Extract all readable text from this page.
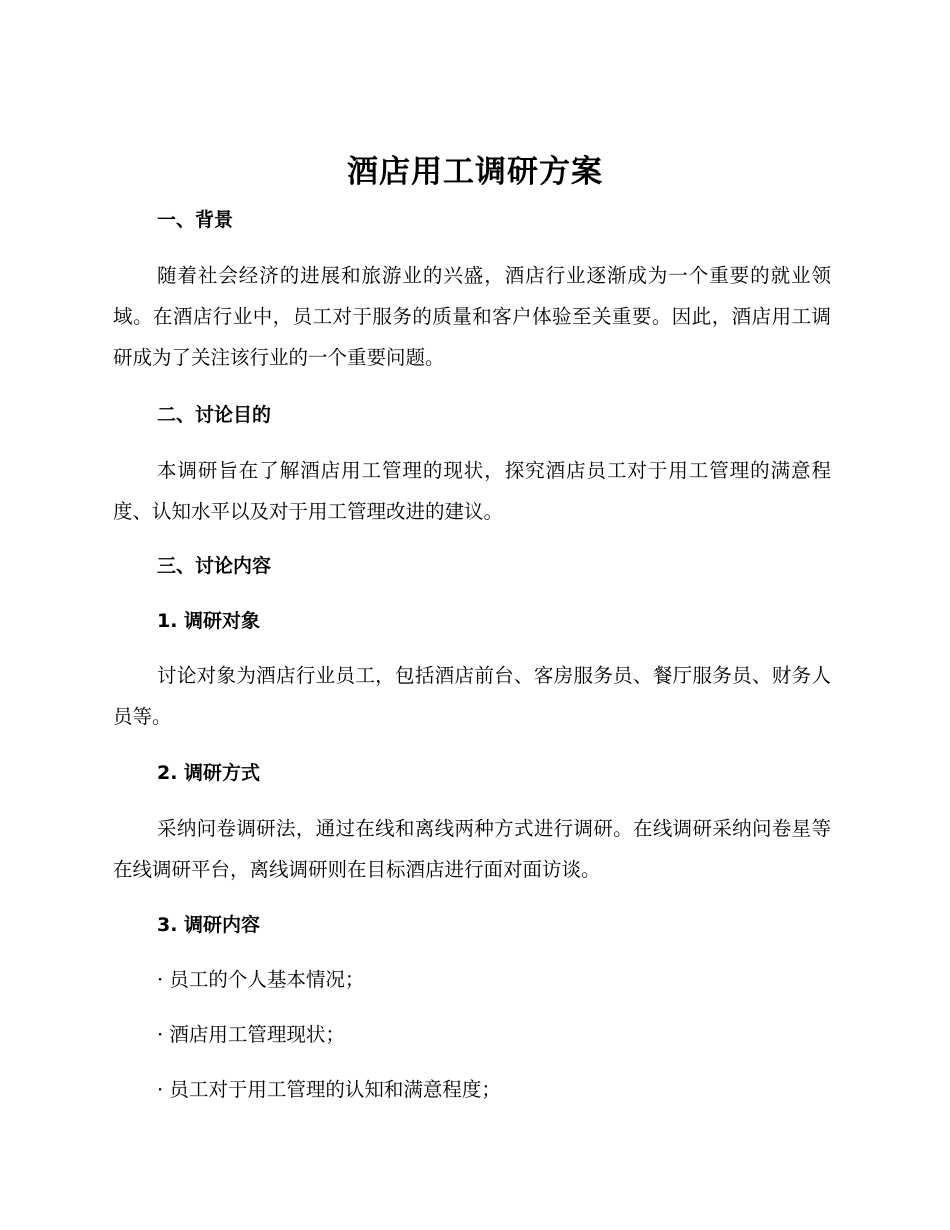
酒店用工调研方案
一、背景
随着社会经济的进展和旅游业的兴盛，酒店行业逐渐成为一个重要的就业领域。在酒店行业中，员工对于服务的质量和客户体验至关重要。因此，酒店用工调研成为了关注该行业的一个重要问题。
二、讨论目的
本调研旨在了解酒店用工管理的现状，探究酒店员工对于用工管理的满意程度、认知水平以及对于用工管理改进的建议。
三、讨论内容
1. 调研对象
讨论对象为酒店行业员工，包括酒店前台、客房服务员、餐厅服务员、财务人员等。
2. 调研方式
采纳问卷调研法，通过在线和离线两种方式进行调研。在线调研采纳问卷星等在线调研平台，离线调研则在目标酒店进行面对面访谈。
3. 调研内容
· 员工的个人基本情况；
· 酒店用工管理现状；
· 员工对于用工管理的认知和满意程度；
